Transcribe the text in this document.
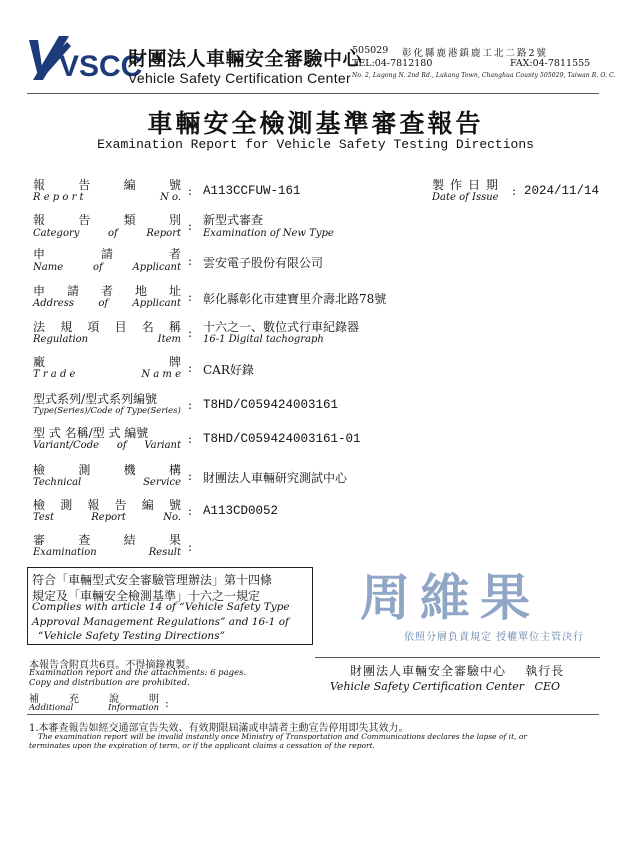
VSCC
財團法人車輛安全審驗中心
Vehicle Safety Certification Center
505029 彰化縣鹿港鎮鹿工北二路2號
TEL:04-7812180	FAX:04-7811555
No. 2, Lugong N. 2nd Rd., Lukang Town, Changhua County 505029, Taiwan R. O. C.
車輛安全檢測基準審查報告
Examination Report for Vehicle Safety Testing Directions
製作日期
Date of Issue : 2024/11/14
報	告	編	號
R e p o r t	N o. : A113CCFUW-161
報	告	類	別
Category	of	Report
: 新型式審查
Examination of New Type
申	請	者
Name	of	Applicant : 雲安電子股份有限公司
申 請 者 地 址
Address of Applicant : 彰化縣彰化市建寶里介壽北路78號
法 規 項 目 名 稱
Regulation	Item : 十六之一、數位式行車紀錄器
16-1 Digital tachograph
廠	牌
T r a d e	N a m e : CAR好錄
型式系列/型式系列編號
Type(Series)/Code of Type(Series) : T8HD/C059424003161
型 式 名稱/型 式 編號
Variant/Code of Variant : T8HD/C059424003161-01
檢	測	機	構
Technical	Service : 財團法人車輛研究測試中心
檢 測 報 告 編 號
Test	Report	No. : A113CD0052
審	查	結	果
Examination	Result :
符合「車輛型式安全審驗管理辦法」第十四條
規定及「車輛安全檢測基準」十六之一規定
Complies with article 14 of “Vehicle Safety Type
Approval Management Regulations” and 16-1 of
“Vehicle Safety Testing Directions”
周維果
依照分層負責規定 授權單位主管決行
本報告含附頁共6頁。不得摘錄複製。
Examination report and the attachments: 6 pages.
Copy and distribution are prohibited.
補	充	說	明
Additional	Information :
財團法人車輛安全審驗中心    執行長
Vehicle Safety Certification Center   CEO
1.本審查報告如經交通部宣告失效、有效期限屆滿或申請者主動宣告停用即失其效力。
The examination report will be invalid instantly once Ministry of Transportation and Communications declares the lapse of it, or
terminates upon the expiration of term, or if the applicant claims a cessation of the report.
